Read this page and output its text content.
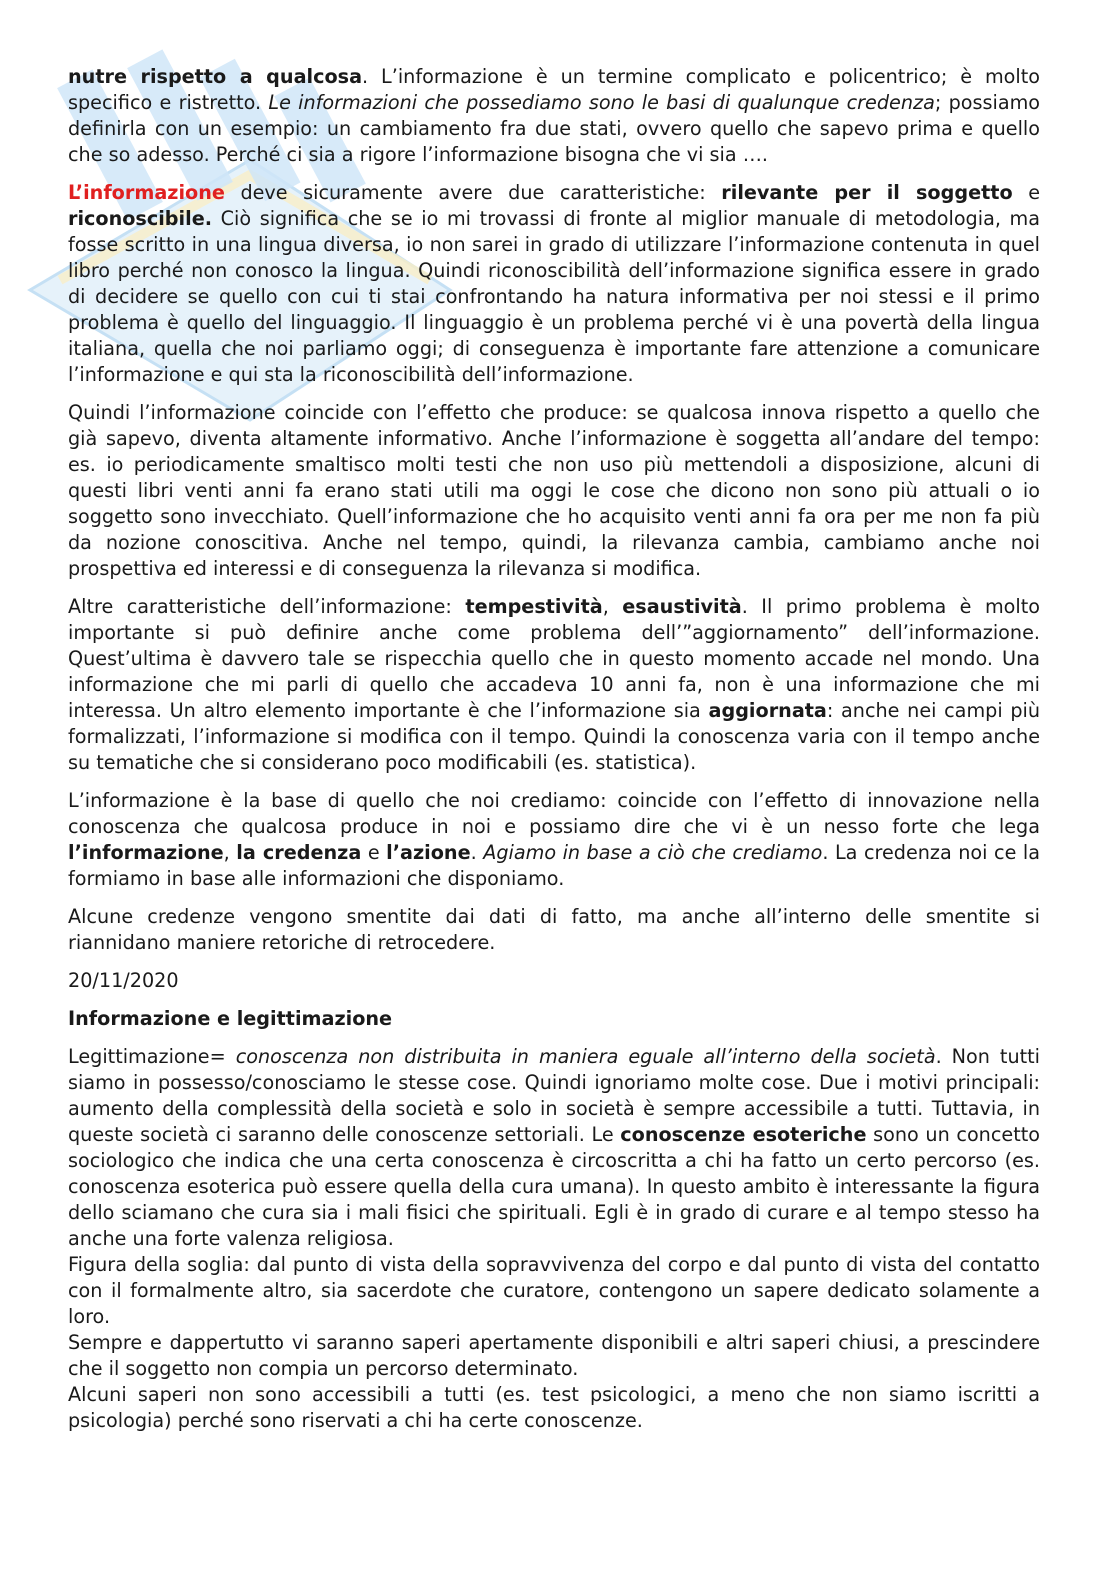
nutre rispetto a qualcosa. L’informazione è un termine complicato e policentrico; è molto specifico e ristretto. Le informazioni che possediamo sono le basi di qualunque credenza; possiamo definirla con un esempio: un cambiamento fra due stati, ovvero quello che sapevo prima e quello che so adesso. Perché ci sia a rigore l’informazione bisogna che vi sia ….

L’informazione deve sicuramente avere due caratteristiche: rilevante per il soggetto e riconoscibile. Ciò significa che se io mi trovassi di fronte al miglior manuale di metodologia, ma fosse scritto in una lingua diversa, io non sarei in grado di utilizzare l’informazione contenuta in quel libro perché non conosco la lingua. Quindi riconoscibilità dell’informazione significa essere in grado di decidere se quello con cui ti stai confrontando ha natura informativa per noi stessi e il primo problema è quello del linguaggio. Il linguaggio è un problema perché vi è una povertà della lingua italiana, quella che noi parliamo oggi; di conseguenza è importante fare attenzione a comunicare l’informazione e qui sta la riconoscibilità dell’informazione.

Quindi l’informazione coincide con l’effetto che produce: se qualcosa innova rispetto a quello che già sapevo, diventa altamente informativo. Anche l’informazione è soggetta all’andare del tempo: es. io periodicamente smaltisco molti testi che non uso più mettendoli a disposizione, alcuni di questi libri venti anni fa erano stati utili ma oggi le cose che dicono non sono più attuali o io soggetto sono invecchiato. Quell’informazione che ho acquisito venti anni fa ora per me non fa più da nozione conoscitiva. Anche nel tempo, quindi, la rilevanza cambia, cambiamo anche noi prospettiva ed interessi e di conseguenza la rilevanza si modifica.

Altre caratteristiche dell’informazione: tempestività, esaustività. Il primo problema è molto importante si può definire anche come problema dell’”aggiornamento” dell’informazione. Quest’ultima è davvero tale se rispecchia quello che in questo momento accade nel mondo. Una informazione che mi parli di quello che accadeva 10 anni fa, non è una informazione che mi interessa. Un altro elemento importante è che l’informazione sia aggiornata: anche nei campi più formalizzati, l’informazione si modifica con il tempo. Quindi la conoscenza varia con il tempo anche su tematiche che si considerano poco modificabili (es. statistica).

L’informazione è la base di quello che noi crediamo: coincide con l’effetto di innovazione nella conoscenza che qualcosa produce in noi e possiamo dire che vi è un nesso forte che lega l’informazione, la credenza e l’azione. Agiamo in base a ciò che crediamo. La credenza noi ce la formiamo in base alle informazioni che disponiamo.

Alcune credenze vengono smentite dai dati di fatto, ma anche all’interno delle smentite si riannidano maniere retoriche di retrocedere.

20/11/2020

Informazione e legittimazione

Legittimazione= conoscenza non distribuita in maniera eguale all’interno della società. Non tutti siamo in possesso/conosciamo le stesse cose. Quindi ignoriamo molte cose. Due i motivi principali: aumento della complessità della società e solo in società è sempre accessibile a tutti. Tuttavia, in queste società ci saranno delle conoscenze settoriali. Le conoscenze esoteriche sono un concetto sociologico che indica che una certa conoscenza è circoscritta a chi ha fatto un certo percorso (es. conoscenza esoterica può essere quella della cura umana). In questo ambito è interessante la figura dello sciamano che cura sia i mali fisici che spirituali. Egli è in grado di curare e al tempo stesso ha anche una forte valenza religiosa.

Figura della soglia: dal punto di vista della sopravvivenza del corpo e dal punto di vista del contatto con il formalmente altro, sia sacerdote che curatore, contengono un sapere dedicato solamente a loro.

Sempre e dappertutto vi saranno saperi apertamente disponibili e altri saperi chiusi, a prescindere che il soggetto non compia un percorso determinato.

Alcuni saperi non sono accessibili a tutti (es. test psicologici, a meno che non siamo iscritti a psicologia) perché sono riservati a chi ha certe conoscenze.
